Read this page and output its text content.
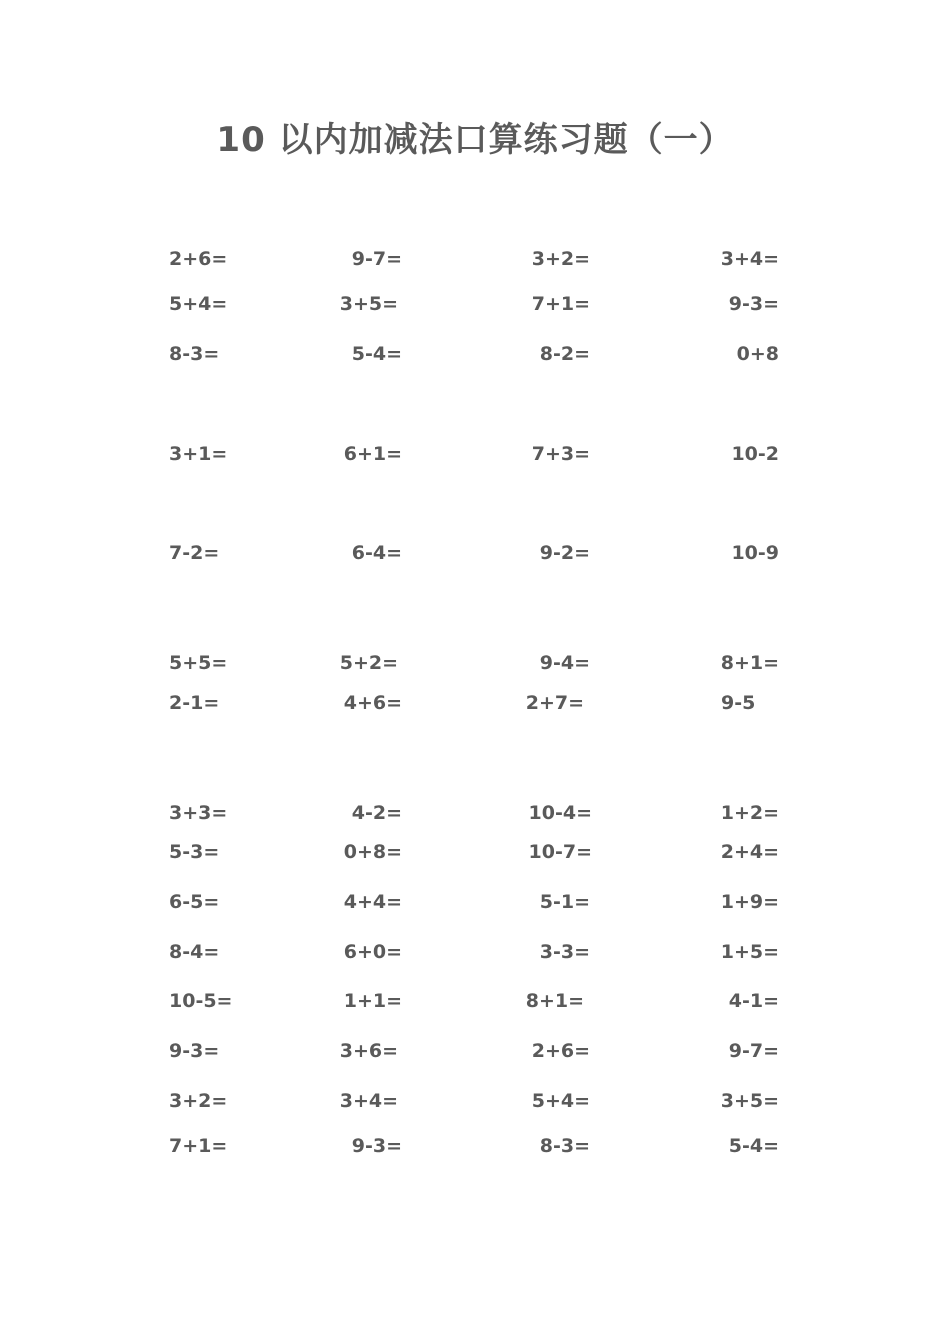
10 以内加减法口算练习题（一）
2+6=	9-7=	3+2=	3+4=
5+4=	3+5=	7+1=	9-3=
8-3=	5-4=	8-2=	0+8
3+1=	6+1=	7+3=	10-2
7-2=	6-4=	9-2=	10-9
5+5=	5+2=	9-4=	8+1=
2-1=	4+6=	2+7=	9-5
3+3=	4-2=	10-4=	1+2=
5-3=	0+8=	10-7=	2+4=
6-5=	4+4=	5-1=	1+9=
8-4=	6+0=	3-3=	1+5=
10-5=	1+1=	8+1=	4-1=
9-3=	3+6=	2+6=	9-7=
3+2=	3+4=	5+4=	3+5=
7+1=	9-3=	8-3=	5-4=
